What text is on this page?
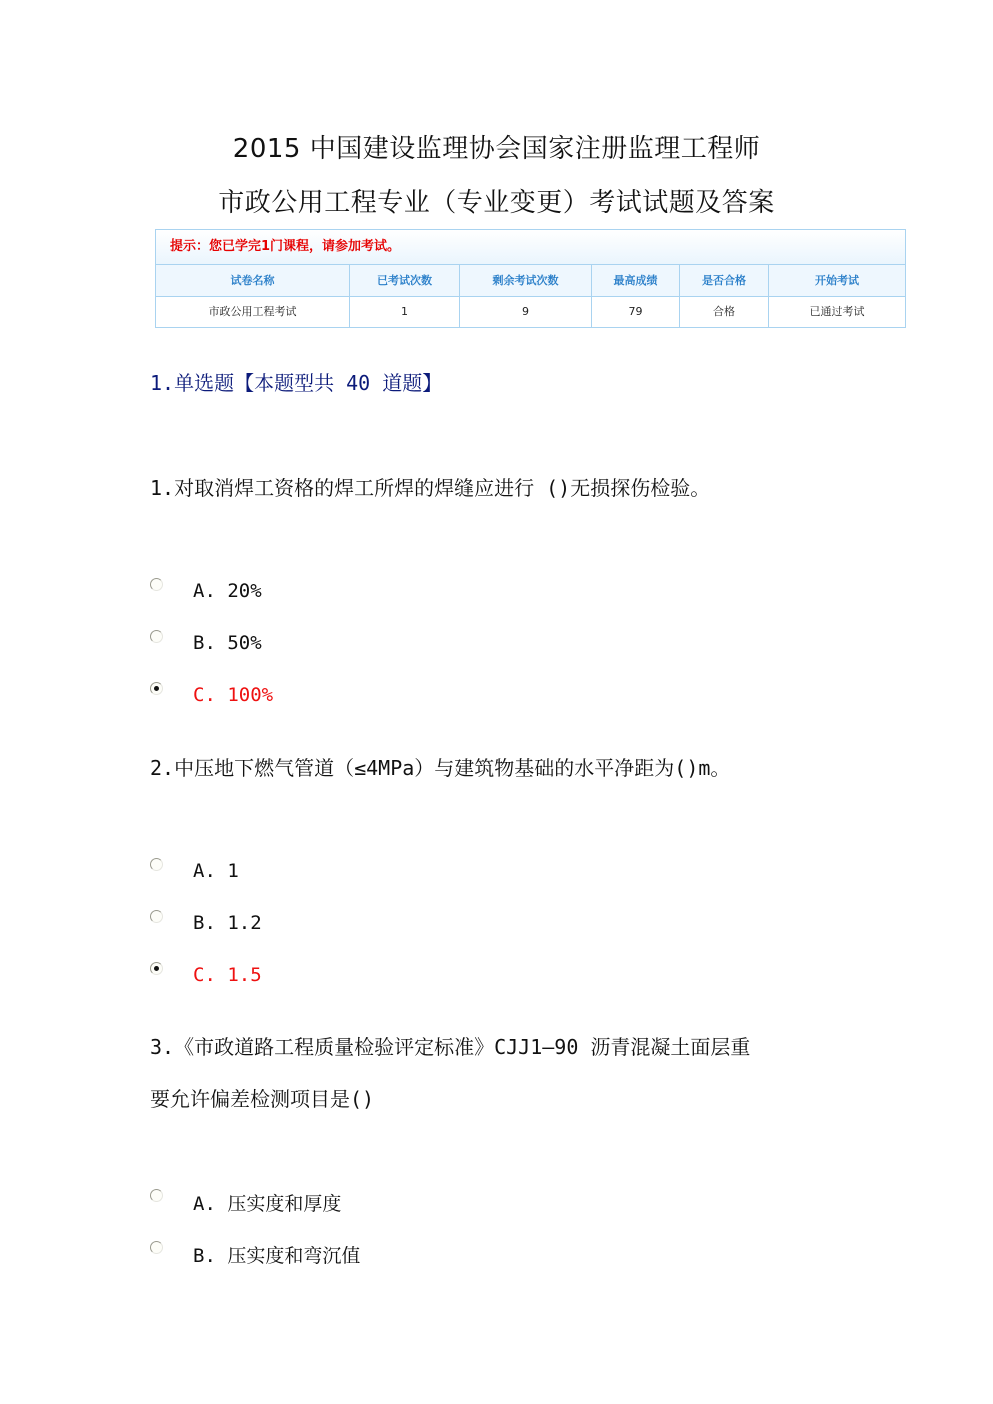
2015 中国建设监理协会国家注册监理工程师
市政公用工程专业（专业变更）考试试题及答案
提示：您已学完1门课程，请参加考试。
试卷名称	已考试次数	剩余考试次数	最高成绩	是否合格	开始考试
市政公用工程考试	1	9	79	合格	已通过考试
1.单选题【本题型共 40 道题】
1.对取消焊工资格的焊工所焊的焊缝应进行 ()无损探伤检验。
A. 20%
B. 50%
C. 100%
2.中压地下燃气管道（≤4MPa）与建筑物基础的水平净距为()m。
A. 1
B. 1.2
C. 1.5
3.《市政道路工程质量检验评定标准》CJJ1—90 沥青混凝土面层重
要允许偏差检测项目是()
A. 压实度和厚度
B. 压实度和弯沉值
